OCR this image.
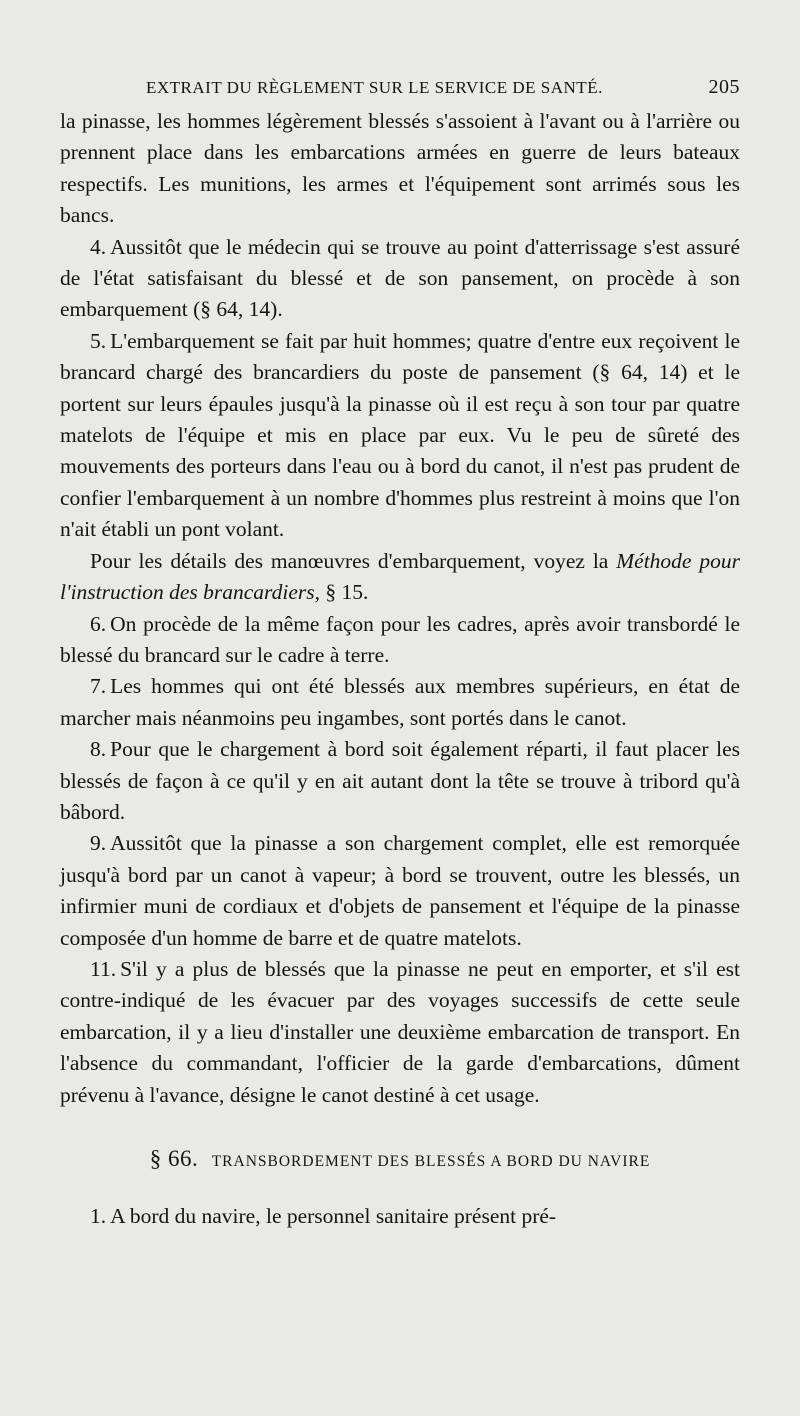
EXTRAIT DU RÈGLEMENT SUR LE SERVICE DE SANTÉ.	205

la pinasse, les hommes légèrement blessés s'assoient à l'avant ou à l'arrière ou prennent place dans les embarcations armées en guerre de leurs bateaux respectifs. Les munitions, les armes et l'équipement sont arrimés sous les bancs.

4. Aussitôt que le médecin qui se trouve au point d'atterrissage s'est assuré de l'état satisfaisant du blessé et de son pansement, on procède à son embarquement (§ 64, 14).

5. L'embarquement se fait par huit hommes; quatre d'entre eux reçoivent le brancard chargé des brancardiers du poste de pansement (§ 64, 14) et le portent sur leurs épaules jusqu'à la pinasse où il est reçu à son tour par quatre matelots de l'équipe et mis en place par eux. Vu le peu de sûreté des mouvements des porteurs dans l'eau ou à bord du canot, il n'est pas prudent de confier l'embarquement à un nombre d'hommes plus restreint à moins que l'on n'ait établi un pont volant.

Pour les détails des manœuvres d'embarquement, voyez la Méthode pour l'instruction des brancardiers, § 15.

6. On procède de la même façon pour les cadres, après avoir transbordé le blessé du brancard sur le cadre à terre.

7. Les hommes qui ont été blessés aux membres supérieurs, en état de marcher mais néanmoins peu ingambes, sont portés dans le canot.

8. Pour que le chargement à bord soit également réparti, il faut placer les blessés de façon à ce qu'il y en ait autant dont la tête se trouve à tribord qu'à bâbord.

9. Aussitôt que la pinasse a son chargement complet, elle est remorquée jusqu'à bord par un canot à vapeur; à bord se trouvent, outre les blessés, un infirmier muni de cordiaux et d'objets de pansement et l'équipe de la pinasse composée d'un homme de barre et de quatre matelots.

11. S'il y a plus de blessés que la pinasse ne peut en emporter, et s'il est contre-indiqué de les évacuer par des voyages successifs de cette seule embarcation, il y a lieu d'installer une deuxième embarcation de transport. En l'absence du commandant, l'officier de la garde d'embarcations, dûment prévenu à l'avance, désigne le canot destiné à cet usage.

§ 66. TRANSBORDEMENT DES BLESSÉS A BORD DU NAVIRE

1. A bord du navire, le personnel sanitaire présent pré-
